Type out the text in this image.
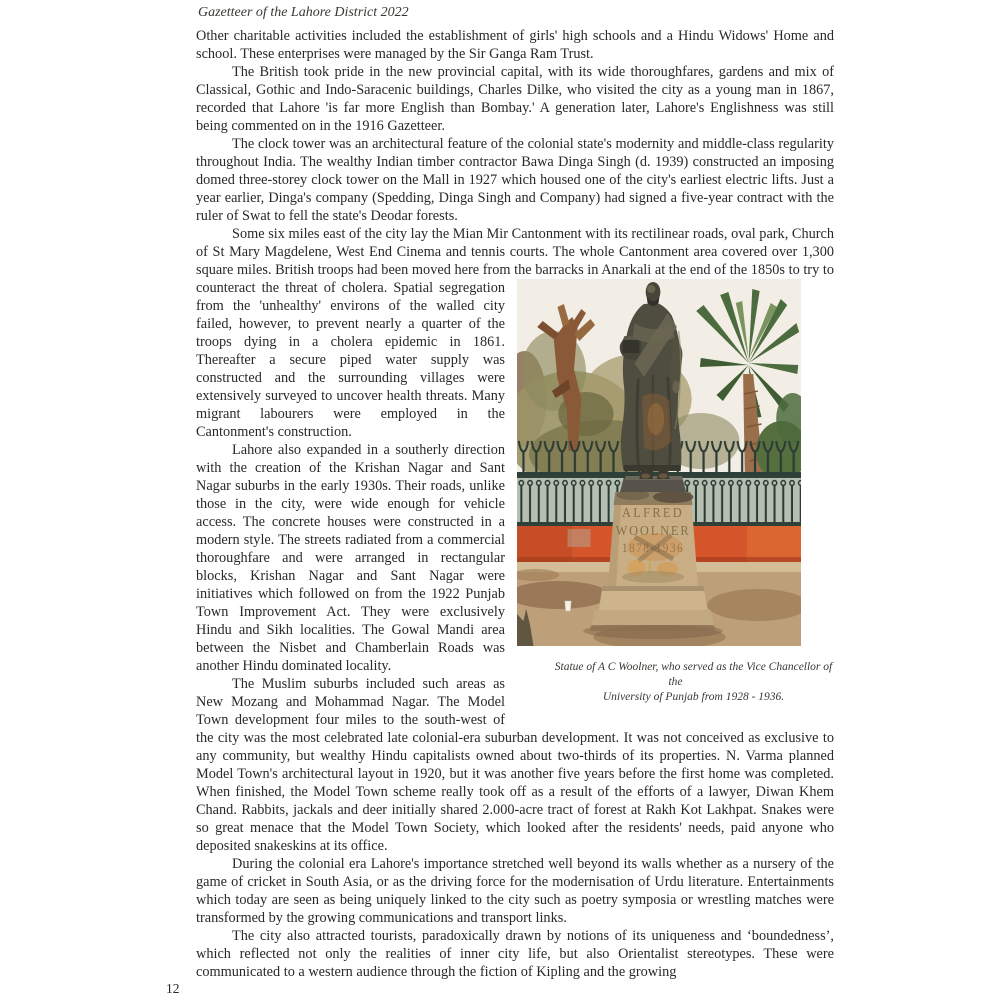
Gazetteer of the Lahore District 2022

Other charitable activities included the establishment of girls' high schools and a Hindu Widows' Home and school. These enterprises were managed by the Sir Ganga Ram Trust.

The British took pride in the new provincial capital, with its wide thoroughfares, gardens and mix of Classical, Gothic and Indo-Saracenic buildings, Charles Dilke, who visited the city as a young man in 1867, recorded that Lahore 'is far more English than Bombay.' A generation later, Lahore's Englishness was still being commented on in the 1916 Gazetteer.

The clock tower was an architectural feature of the colonial state's modernity and middle-class regularity throughout India. The wealthy Indian timber contractor Bawa Dinga Singh (d. 1939) constructed an imposing domed three-storey clock tower on the Mall in 1927 which housed one of the city's earliest electric lifts. Just a year earlier, Dinga's company (Spedding, Dinga Singh and Company) had signed a five-year contract with the ruler of Swat to fell the state's Deodar forests.

Some six miles east of the city lay the Mian Mir Cantonment with its rectilinear roads, oval park, Church of St Mary Magdelene, West End Cinema and tennis courts. The whole Cantonment area covered over 1,300 square miles. British troops had been moved here from the barracks in
ALFRED
WOOLNER
1878-1936
Statue of A C Woolner, who served as the Vice Chancellor of the
University of Punjab from 1928 - 1936.
Anarkali at the end of the 1850s to try to counteract the threat of cholera. Spatial segregation from the 'unhealthy' environs of the walled city failed, however, to prevent nearly a quarter of the troops dying in a cholera epidemic in 1861. Thereafter a secure piped water supply was constructed and the surrounding villages were extensively surveyed to uncover health threats. Many migrant labourers were employed in the Cantonment's construction.

Lahore also expanded in a southerly direction with the creation of the Krishan Nagar and Sant Nagar suburbs in the early 1930s. Their roads, unlike those in the city, were wide enough for vehicle access. The concrete houses were constructed in a modern style. The streets radiated from a commercial thoroughfare and were arranged in rectangular blocks, Krishan Nagar and Sant Nagar were initiatives which followed on from the 1922 Punjab Town Improvement Act. They were exclusively Hindu and Sikh localities. The Gowal Mandi area between the Nisbet and Chamberlain Roads was another Hindu dominated locality.

The Muslim suburbs included such areas as New Mozang and Mohammad Nagar. The Model Town development four miles to the south-west of the city was the most celebrated late colonial-era suburban development. It was not conceived as exclusive to any community, but wealthy Hindu capitalists owned about two-thirds of its properties. N. Varma planned Model Town's architectural layout in 1920, but it was another five years before the first home was completed. When finished, the Model Town scheme really took off as a result of the efforts of a lawyer, Diwan Khem Chand. Rabbits, jackals and deer initially shared 2.000-acre tract of forest at Rakh Kot Lakhpat. Snakes were so great menace that the Model Town Society, which looked after the residents' needs, paid anyone who deposited snakeskins at its office.

During the colonial era Lahore's importance stretched well beyond its walls whether as a nursery of the game of cricket in South Asia, or as the driving force for the modernisation of Urdu literature. Entertainments which today are seen as being uniquely linked to the city such as poetry symposia or wrestling matches were transformed by the growing communications and transport links.

The city also attracted tourists, paradoxically drawn by notions of its uniqueness and ‘boundedness’, which reflected not only the realities of inner city life, but also Orientalist stereotypes. These were communicated to a western audience through the fiction of Kipling and the growing

12
